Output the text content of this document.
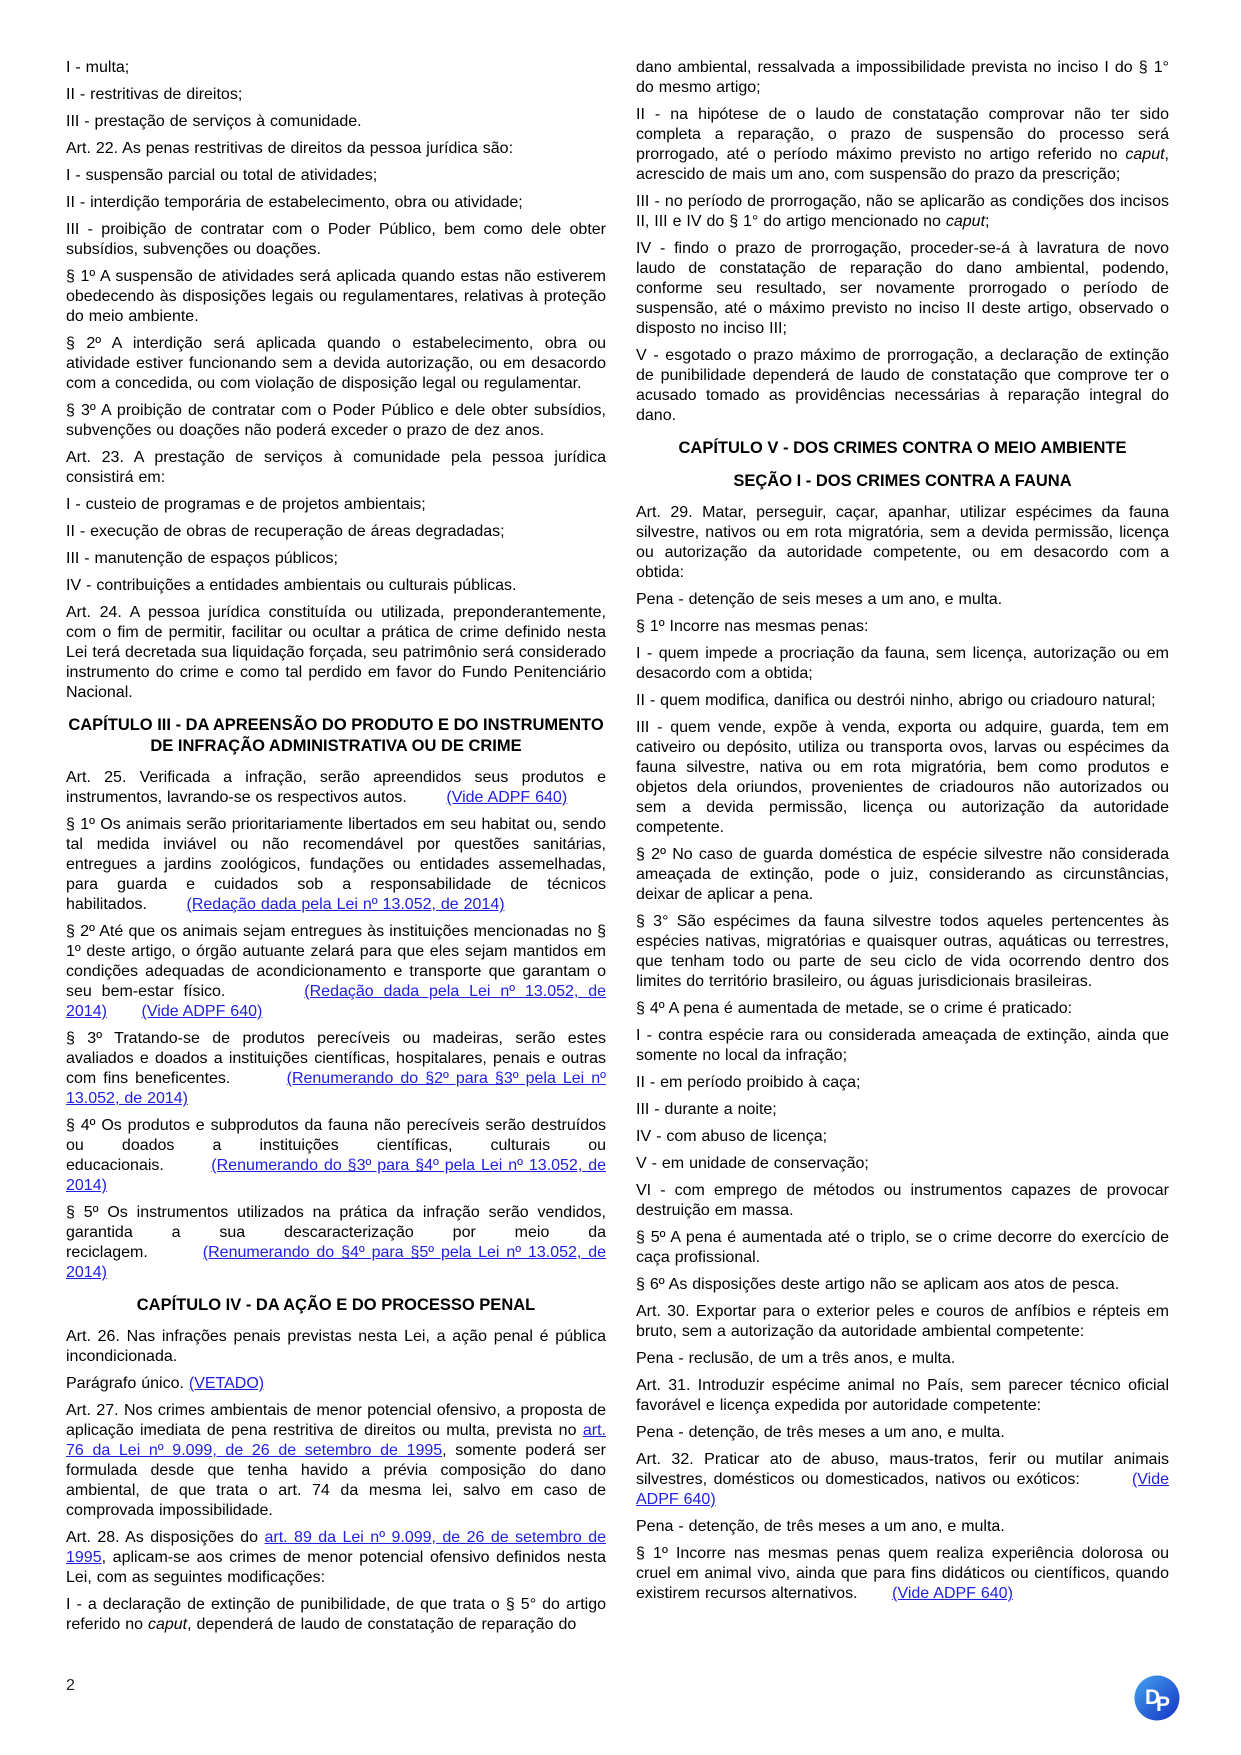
I - multa;

II - restritivas de direitos;

III - prestação de serviços à comunidade.

Art. 22. As penas restritivas de direitos da pessoa jurídica são:

I - suspensão parcial ou total de atividades;

II - interdição temporária de estabelecimento, obra ou atividade;

III - proibição de contratar com o Poder Público, bem como dele obter subsídios, subvenções ou doações.

§ 1º A suspensão de atividades será aplicada quando estas não estiverem obedecendo às disposições legais ou regulamentares, relativas à proteção do meio ambiente.

§ 2º A interdição será aplicada quando o estabelecimento, obra ou atividade estiver funcionando sem a devida autorização, ou em desacordo com a concedida, ou com violação de disposição legal ou regulamentar.

§ 3º A proibição de contratar com o Poder Público e dele obter subsídios, subvenções ou doações não poderá exceder o prazo de dez anos.

Art. 23. A prestação de serviços à comunidade pela pessoa jurídica consistirá em:

I - custeio de programas e de projetos ambientais;

II - execução de obras de recuperação de áreas degradadas;

III - manutenção de espaços públicos;

IV - contribuições a entidades ambientais ou culturais públicas.

Art. 24. A pessoa jurídica constituída ou utilizada, preponderantemente, com o fim de permitir, facilitar ou ocultar a prática de crime definido nesta Lei terá decretada sua liquidação forçada, seu patrimônio será considerado instrumento do crime e como tal perdido em favor do Fundo Penitenciário Nacional.

CAPÍTULO III - DA APREENSÃO DO PRODUTO E DO INSTRUMENTO DE INFRAÇÃO ADMINISTRATIVA OU DE CRIME

Art. 25. Verificada a infração, serão apreendidos seus produtos e instrumentos, lavrando-se os respectivos autos.        (Vide ADPF 640)

§ 1º Os animais serão prioritariamente libertados em seu habitat ou, sendo tal medida inviável ou não recomendável por questões sanitárias, entregues a jardins zoológicos, fundações ou entidades assemelhadas, para guarda e cuidados sob a responsabilidade de técnicos habilitados.        (Redação dada pela Lei nº 13.052, de 2014)

§ 2º Até que os animais sejam entregues às instituições mencionadas no § 1º deste artigo, o órgão autuante zelará para que eles sejam mantidos em condições adequadas de acondicionamento e transporte que garantam o seu bem-estar físico.        (Redação dada pela Lei nº 13.052, de 2014) (Vide ADPF 640)

§ 3º Tratando-se de produtos perecíveis ou madeiras, serão estes avaliados e doados a instituições científicas, hospitalares, penais e outras com fins beneficentes.        (Renumerando do §2º para §3º pela Lei nº 13.052, de 2014)

§ 4º Os produtos e subprodutos da fauna não perecíveis serão destruídos ou doados a instituições científicas, culturais ou educacionais.        (Renumerando do §3º para §4º pela Lei nº 13.052, de 2014)

§ 5º Os instrumentos utilizados na prática da infração serão vendidos, garantida a sua descaracterização por meio da reciclagem.        (Renumerando do §4º para §5º pela Lei nº 13.052, de 2014)

CAPÍTULO IV - DA AÇÃO E DO PROCESSO PENAL

Art. 26. Nas infrações penais previstas nesta Lei, a ação penal é pública incondicionada.

Parágrafo único. (VETADO)

Art. 27. Nos crimes ambientais de menor potencial ofensivo, a proposta de aplicação imediata de pena restritiva de direitos ou multa, prevista no art. 76 da Lei nº 9.099, de 26 de setembro de 1995, somente poderá ser formulada desde que tenha havido a prévia composição do dano ambiental, de que trata o art. 74 da mesma lei, salvo em caso de comprovada impossibilidade.

Art. 28. As disposições do art. 89 da Lei nº 9.099, de 26 de setembro de 1995, aplicam-se aos crimes de menor potencial ofensivo definidos nesta Lei, com as seguintes modificações:

I - a declaração de extinção de punibilidade, de que trata o § 5° do artigo referido no caput, dependerá de laudo de constatação de reparação do

dano ambiental, ressalvada a impossibilidade prevista no inciso I do § 1° do mesmo artigo;

II - na hipótese de o laudo de constatação comprovar não ter sido completa a reparação, o prazo de suspensão do processo será prorrogado, até o período máximo previsto no artigo referido no caput, acrescido de mais um ano, com suspensão do prazo da prescrição;

III - no período de prorrogação, não se aplicarão as condições dos incisos II, III e IV do § 1° do artigo mencionado no caput;

IV - findo o prazo de prorrogação, proceder-se-á à lavratura de novo laudo de constatação de reparação do dano ambiental, podendo, conforme seu resultado, ser novamente prorrogado o período de suspensão, até o máximo previsto no inciso II deste artigo, observado o disposto no inciso III;

V - esgotado o prazo máximo de prorrogação, a declaração de extinção de punibilidade dependerá de laudo de constatação que comprove ter o acusado tomado as providências necessárias à reparação integral do dano.

CAPÍTULO V - DOS CRIMES CONTRA O MEIO AMBIENTE

SEÇÃO I - DOS CRIMES CONTRA A FAUNA

Art. 29. Matar, perseguir, caçar, apanhar, utilizar espécimes da fauna silvestre, nativos ou em rota migratória, sem a devida permissão, licença ou autorização da autoridade competente, ou em desacordo com a obtida:

Pena - detenção de seis meses a um ano, e multa.

§ 1º Incorre nas mesmas penas:

I - quem impede a procriação da fauna, sem licença, autorização ou em desacordo com a obtida;

II - quem modifica, danifica ou destrói ninho, abrigo ou criadouro natural;

III - quem vende, expõe à venda, exporta ou adquire, guarda, tem em cativeiro ou depósito, utiliza ou transporta ovos, larvas ou espécimes da fauna silvestre, nativa ou em rota migratória, bem como produtos e objetos dela oriundos, provenientes de criadouros não autorizados ou sem a devida permissão, licença ou autorização da autoridade competente.

§ 2º No caso de guarda doméstica de espécie silvestre não considerada ameaçada de extinção, pode o juiz, considerando as circunstâncias, deixar de aplicar a pena.

§ 3° São espécimes da fauna silvestre todos aqueles pertencentes às espécies nativas, migratórias e quaisquer outras, aquáticas ou terrestres, que tenham todo ou parte de seu ciclo de vida ocorrendo dentro dos limites do território brasileiro, ou águas jurisdicionais brasileiras.

§ 4º A pena é aumentada de metade, se o crime é praticado:

I - contra espécie rara ou considerada ameaçada de extinção, ainda que somente no local da infração;

II - em período proibido à caça;

III - durante a noite;

IV - com abuso de licença;

V - em unidade de conservação;

VI - com emprego de métodos ou instrumentos capazes de provocar destruição em massa.

§ 5º A pena é aumentada até o triplo, se o crime decorre do exercício de caça profissional.

§ 6º As disposições deste artigo não se aplicam aos atos de pesca.

Art. 30. Exportar para o exterior peles e couros de anfíbios e répteis em bruto, sem a autorização da autoridade ambiental competente:

Pena - reclusão, de um a três anos, e multa.

Art. 31. Introduzir espécime animal no País, sem parecer técnico oficial favorável e licença expedida por autoridade competente:

Pena - detenção, de três meses a um ano, e multa.

Art. 32. Praticar ato de abuso, maus-tratos, ferir ou mutilar animais silvestres, domésticos ou domesticados, nativos ou exóticos:        (Vide ADPF 640)

Pena - detenção, de três meses a um ano, e multa.

§ 1º Incorre nas mesmas penas quem realiza experiência dolorosa ou cruel em animal vivo, ainda que para fins didáticos ou científicos, quando existirem recursos alternativos.       (Vide ADPF 640)

2
D
P
